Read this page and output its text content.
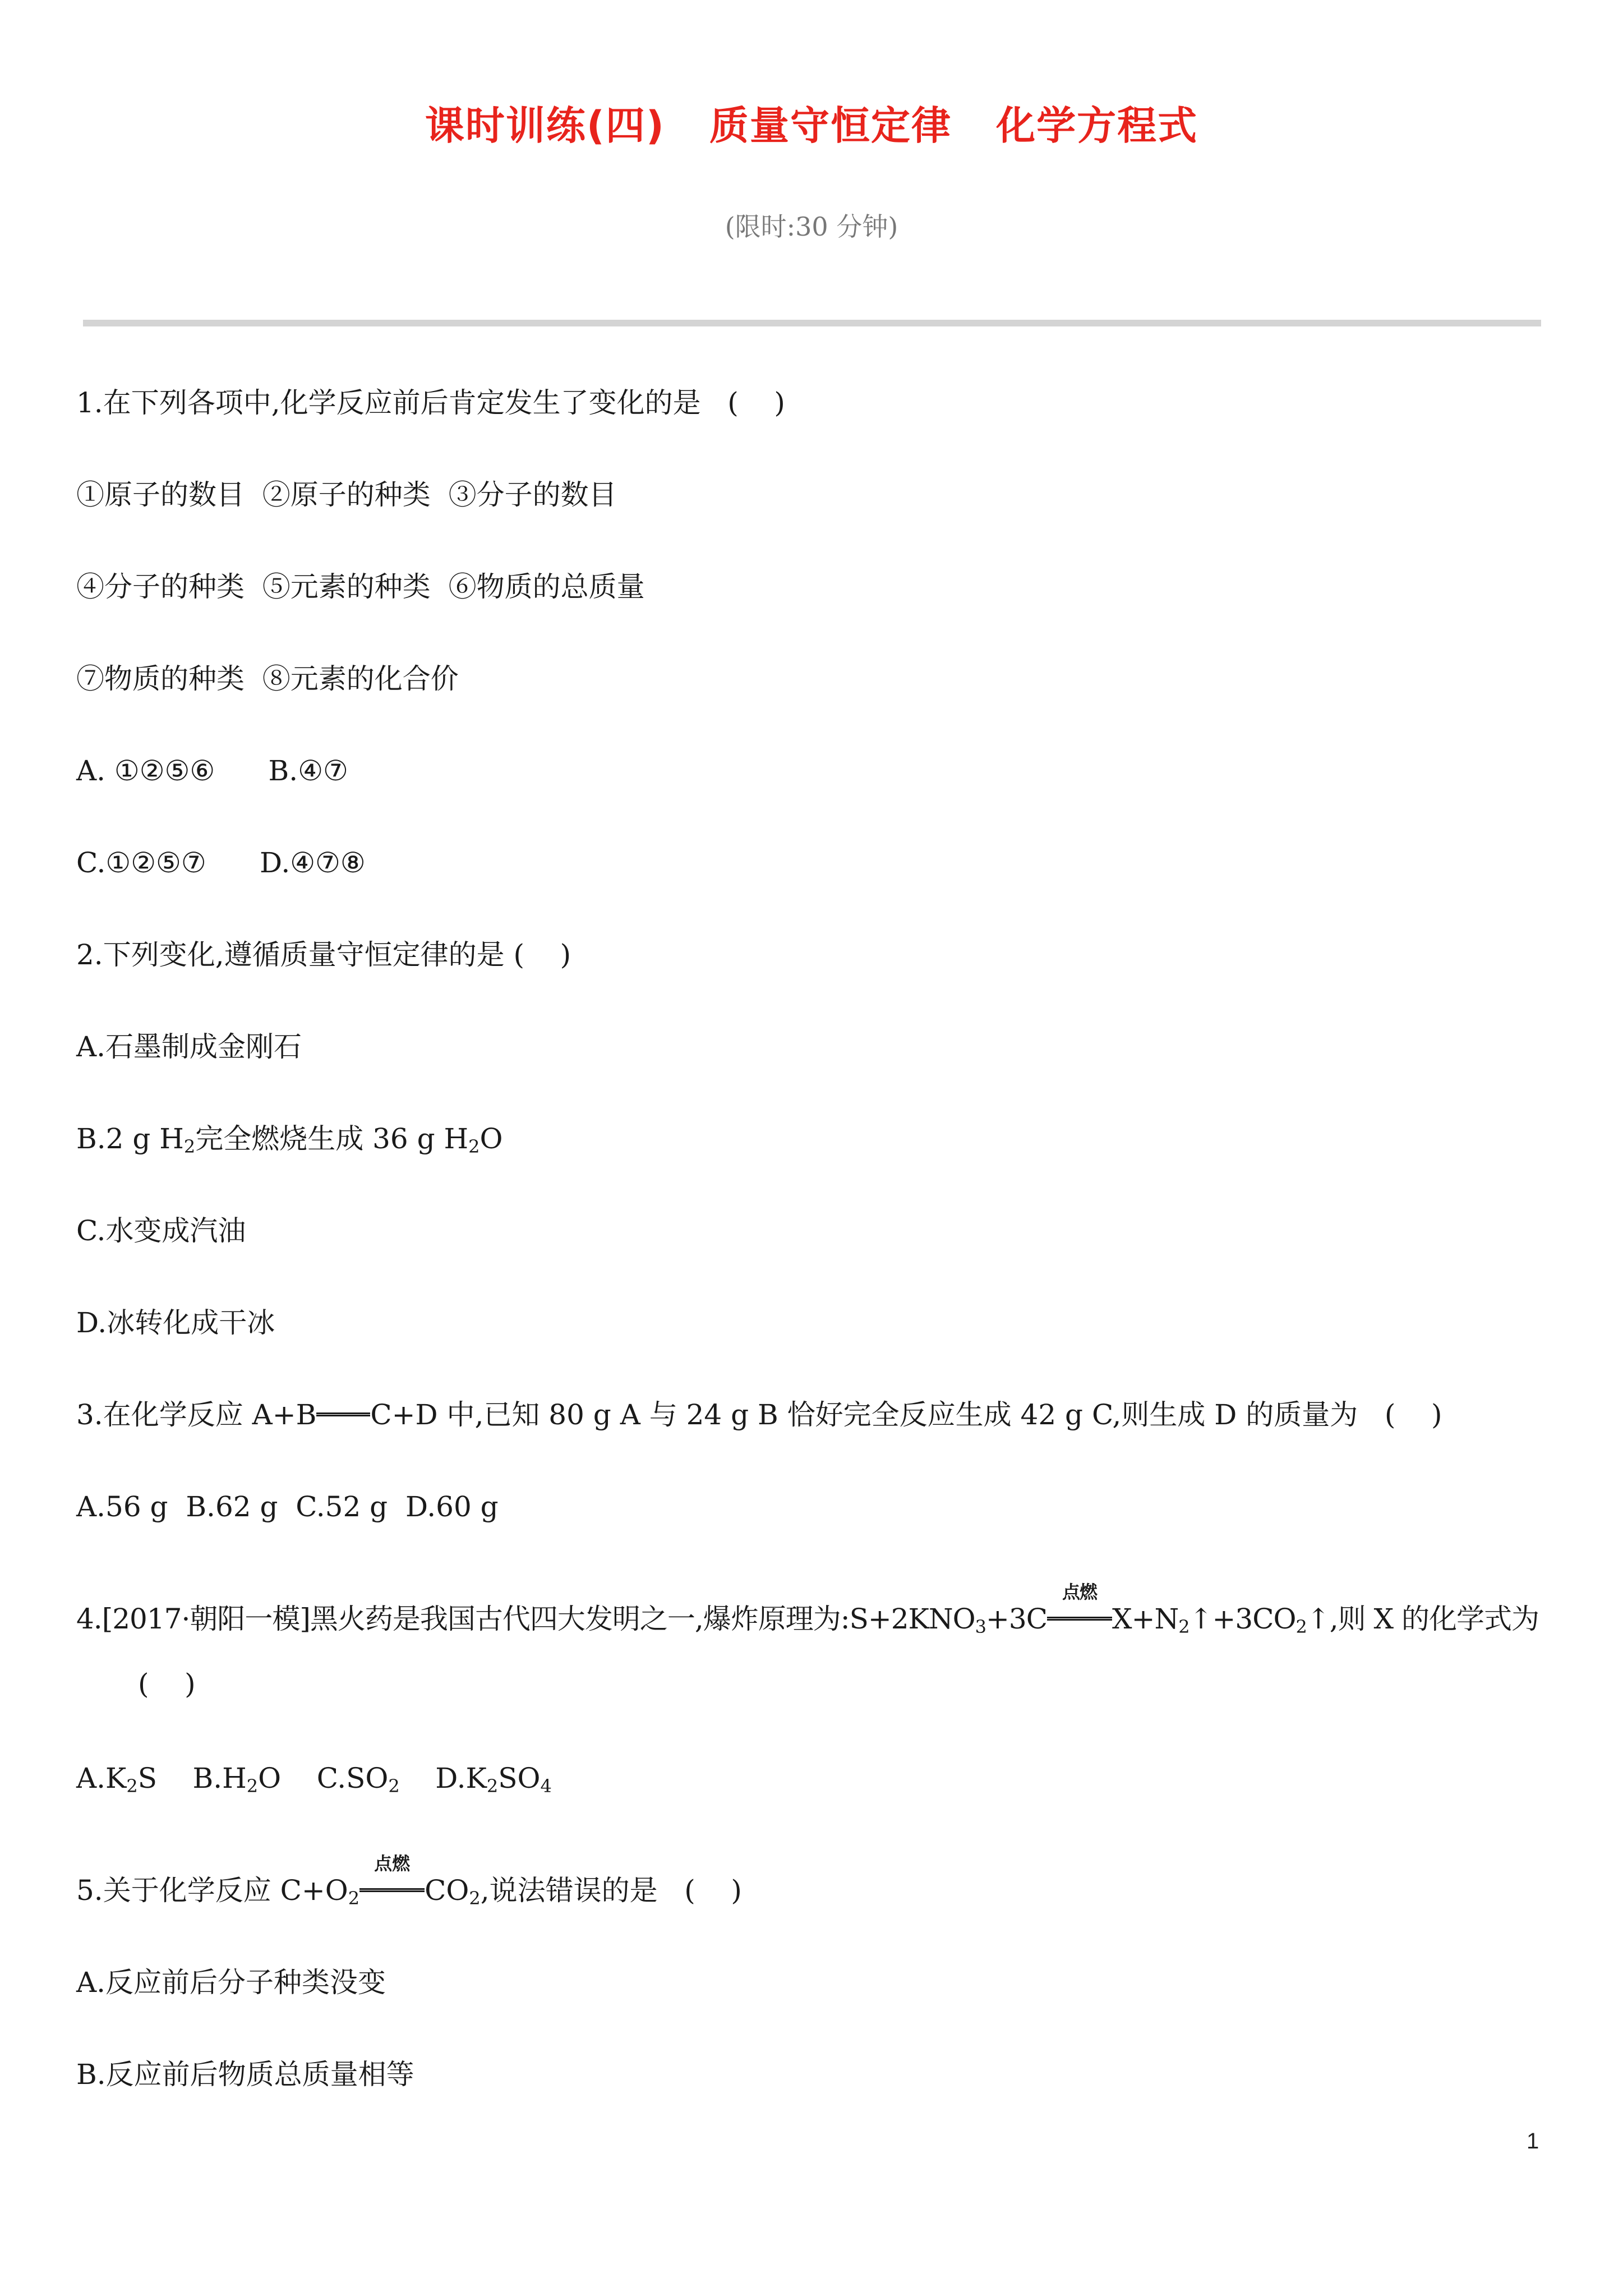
课时训练(四)   质量守恒定律   化学方程式
(限时:30 分钟)
1.在下列各项中,化学反应前后肯定发生了变化的是   (    )
①原子的数目  ②原子的种类  ③分子的数目
④分子的种类  ⑤元素的种类  ⑥物质的总质量
⑦物质的种类  ⑧元素的化合价
A. ①②⑤⑥      B.④⑦
C.①②⑤⑦      D.④⑦⑧
2.下列变化,遵循质量守恒定律的是 (    )
A.石墨制成金刚石
B.2 g $H_2$完全燃烧生成 36 g $H_2O$
C.水变成汽油
D.冰转化成干冰
3.在化学反应 A+B C+D 中,已知 80 g A 与 24 g B 恰好完全反应生成 42 g C,则生成 D 的质量为   (    )
A.56 g  B.62 g  C.52 g  D.60 g
4.[2017·朝阳一模]黑火药是我国古代四大发明之一,爆炸原理为$:S+2KNO_3+3C$
点燃
$X+N_2↑+3CO_2↑$,则 X 的化学式为
(    )
$A.K_2S$    $B.H_2O$    $C.SO_2$ $D.K_2SO_4$
5.关于化学反应 $C+O_2$
点燃
$CO_2$,说法错误的是   (    )
A.反应前后分子种类没变
B.反应前后物质总质量相等
1
